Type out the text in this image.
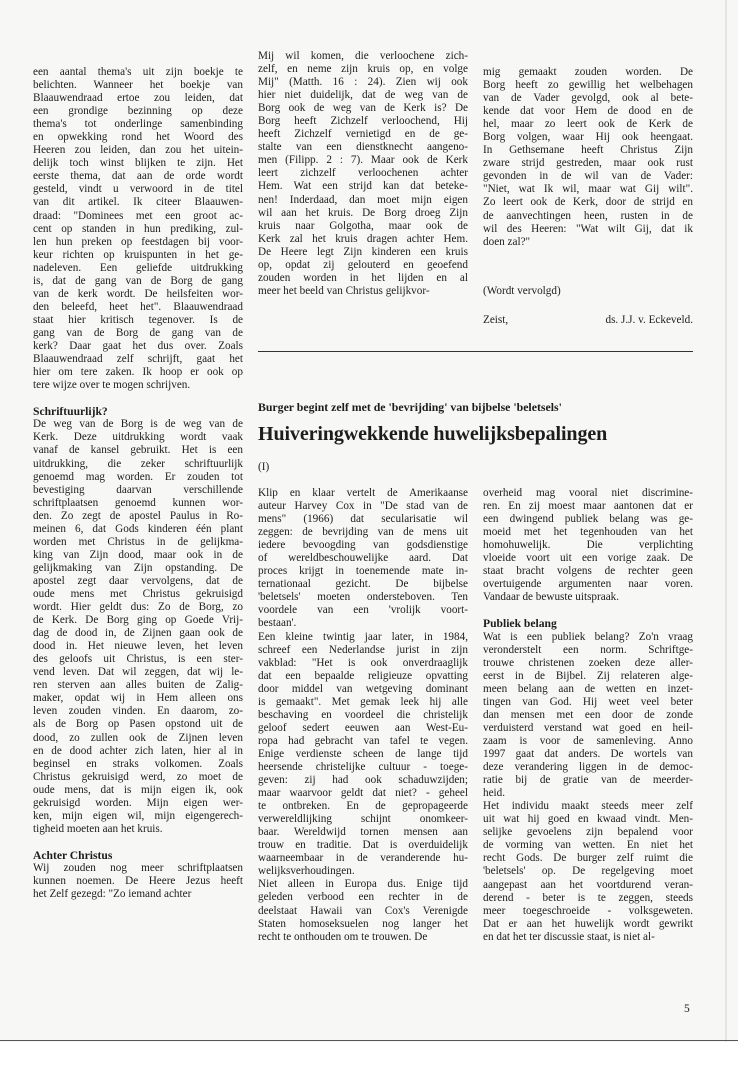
een aantal thema's uit zijn boekje te

belichten. Wanneer het boekje van

Blaauwendraad ertoe zou leiden, dat

een grondige bezinning op deze

thema's tot onderlinge samenbinding

en opwekking rond het Woord des

Heeren zou leiden, dan zou het uitein-

delijk toch winst blijken te zijn. Het

eerste thema, dat aan de orde wordt

gesteld, vindt u verwoord in de titel

van dit artikel. Ik citeer Blaauwen-

draad: "Dominees met een groot ac-

cent op standen in hun prediking, zul-

len hun preken op feestdagen bij voor-

keur richten op kruispunten in het ge-

nadeleven. Een geliefde uitdrukking

is, dat de gang van de Borg de gang

van de kerk wordt. De heilsfeiten wor-

den beleefd, heet het". Blaauwendraad

staat hier kritisch tegenover. Is de

gang van de Borg de gang van de

kerk? Daar gaat het dus over. Zoals

Blaauwendraad zelf schrijft, gaat het

hier om tere zaken. Ik hoop er ook op

tere wijze over te mogen schrijven.

Schriftuurlijk?

De weg van de Borg is de weg van de

Kerk. Deze uitdrukking wordt vaak

vanaf de kansel gebruikt. Het is een

uitdrukking, die zeker schriftuurlijk

genoemd mag worden. Er zouden tot

bevestiging daarvan verschillende

schriftplaatsen genoemd kunnen wor-

den. Zo zegt de apostel Paulus in Ro-

meinen 6, dat Gods kinderen één plant

worden met Christus in de gelijkma-

king van Zijn dood, maar ook in de

gelijkmaking van Zijn opstanding. De

apostel zegt daar vervolgens, dat de

oude mens met Christus gekruisigd

wordt. Hier geldt dus: Zo de Borg, zo

de Kerk. De Borg ging op Goede Vrij-

dag de dood in, de Zijnen gaan ook de

dood in. Het nieuwe leven, het leven

des geloofs uit Christus, is een ster-

vend leven. Dat wil zeggen, dat wij le-

ren sterven aan alles buiten de Zalig-

maker, opdat wij in Hem alleen ons

leven zouden vinden. En daarom, zo-

als de Borg op Pasen opstond uit de

dood, zo zullen ook de Zijnen leven

en de dood achter zich laten, hier al in

beginsel en straks volkomen. Zoals

Christus gekruisigd werd, zo moet de

oude mens, dat is mijn eigen ik, ook

gekruisigd worden. Mijn eigen wer-

ken, mijn eigen wil, mijn eigengerech-

tigheid moeten aan het kruis.

Achter Christus

Wij zouden nog meer schriftplaatsen

kunnen noemen. De Heere Jezus heeft

het Zelf gezegd: "Zo iemand achter

Mij wil komen, die verloochene zich-

zelf, en neme zijn kruis op, en volge

Mij" (Matth. 16 : 24). Zien wij ook

hier niet duidelijk, dat de weg van de

Borg ook de weg van de Kerk is? De

Borg heeft Zichzelf verloochend, Hij

heeft Zichzelf vernietigd en de ge-

stalte van een dienstknecht aangeno-

men (Filipp. 2 : 7). Maar ook de Kerk

leert zichzelf verloochenen achter

Hem. Wat een strijd kan dat beteke-

nen! Inderdaad, dan moet mijn eigen

wil aan het kruis. De Borg droeg Zijn

kruis naar Golgotha, maar ook de

Kerk zal het kruis dragen achter Hem.

De Heere legt Zijn kinderen een kruis

op, opdat zij gelouterd en geoefend

zouden worden in het lijden en al

meer het beeld van Christus gelijkvor-

mig gemaakt zouden worden. De

Borg heeft zo gewillig het welbehagen

van de Vader gevolgd, ook al bete-

kende dat voor Hem de dood en de

hel, maar zo leert ook de Kerk de

Borg volgen, waar Hij ook heengaat.

In Gethsemane heeft Christus Zijn

zware strijd gestreden, maar ook rust

gevonden in de wil van de Vader:

"Niet, wat Ik wil, maar wat Gij wilt".

Zo leert ook de Kerk, door de strijd en

de aanvechtingen heen, rusten in de

wil des Heeren: "Wat wilt Gij, dat ik

doen zal?"

(Wordt vervolgd)
Zeist,	ds. J.J. v. Eckeveld.
Burger begint zelf met de 'bevrijding' van bijbelse 'beletsels'
Huiveringwekkende huwelijksbepalingen
(I)

Klip en klaar vertelt de Amerikaanse

auteur Harvey Cox in "De stad van de

mens" (1966) dat secularisatie wil

zeggen: de bevrijding van de mens uit

iedere bevoogding van godsdienstige

of wereldbeschouwelijke aard. Dat

proces krijgt in toenemende mate in-

ternationaal gezicht. De bijbelse

'beletsels' moeten ondersteboven. Ten

voordele van een 'vrolijk voort-

bestaan'.

Een kleine twintig jaar later, in 1984,

schreef een Nederlandse jurist in zijn

vakblad: "Het is ook onverdraaglijk

dat een bepaalde religieuze opvatting

door middel van wetgeving dominant

is gemaakt". Met gemak leek hij alle

beschaving en voordeel die christelijk

geloof sedert eeuwen aan West-Eu-

ropa had gebracht van tafel te vegen.

Enige verdienste scheen de lange tijd

heersende christelijke cultuur - toege-

geven: zij had ook schaduwzijden;

maar waarvoor geldt dat niet? - geheel

te ontbreken. En de gepropageerde

verwereldlijking schijnt onomkeer-

baar. Wereldwijd tornen mensen aan

trouw en traditie. Dat is overduidelijk

waarneembaar in de veranderende hu-

welijksverhoudingen.

Niet alleen in Europa dus. Enige tijd

geleden verbood een rechter in de

deelstaat Hawaii van Cox's Verenigde

Staten homoseksuelen nog langer het

recht te onthouden om te trouwen. De

overheid mag vooral niet discrimine-

ren. En zij moest maar aantonen dat er

een dwingend publiek belang was ge-

moeid met het tegenhouden van het

homohuwelijk. Die verplichting

vloeide voort uit een vorige zaak. De

staat bracht volgens de rechter geen

overtuigende argumenten naar voren.

Vandaar de bewuste uitspraak.

Publiek belang

Wat is een publiek belang? Zo'n vraag

veronderstelt een norm. Schriftge-

trouwe christenen zoeken deze aller-

eerst in de Bijbel. Zij relateren alge-

meen belang aan de wetten en inzet-

tingen van God. Hij weet veel beter

dan mensen met een door de zonde

verduisterd verstand wat goed en heil-

zaam is voor de samenleving. Anno

1997 gaat dat anders. De wortels van

deze verandering liggen in de democ-

ratie bij de gratie van de meerder-

heid.

Het individu maakt steeds meer zelf

uit wat hij goed en kwaad vindt. Men-

selijke gevoelens zijn bepalend voor

de vorming van wetten. En niet het

recht Gods. De burger zelf ruimt die

'beletsels' op. De regelgeving moet

aangepast aan het voortdurend veran-

derend - beter is te zeggen, steeds

meer toegeschroeide - volksgeweten.

Dat er aan het huwelijk wordt gewrikt

en dat het ter discussie staat, is niet al-

5
